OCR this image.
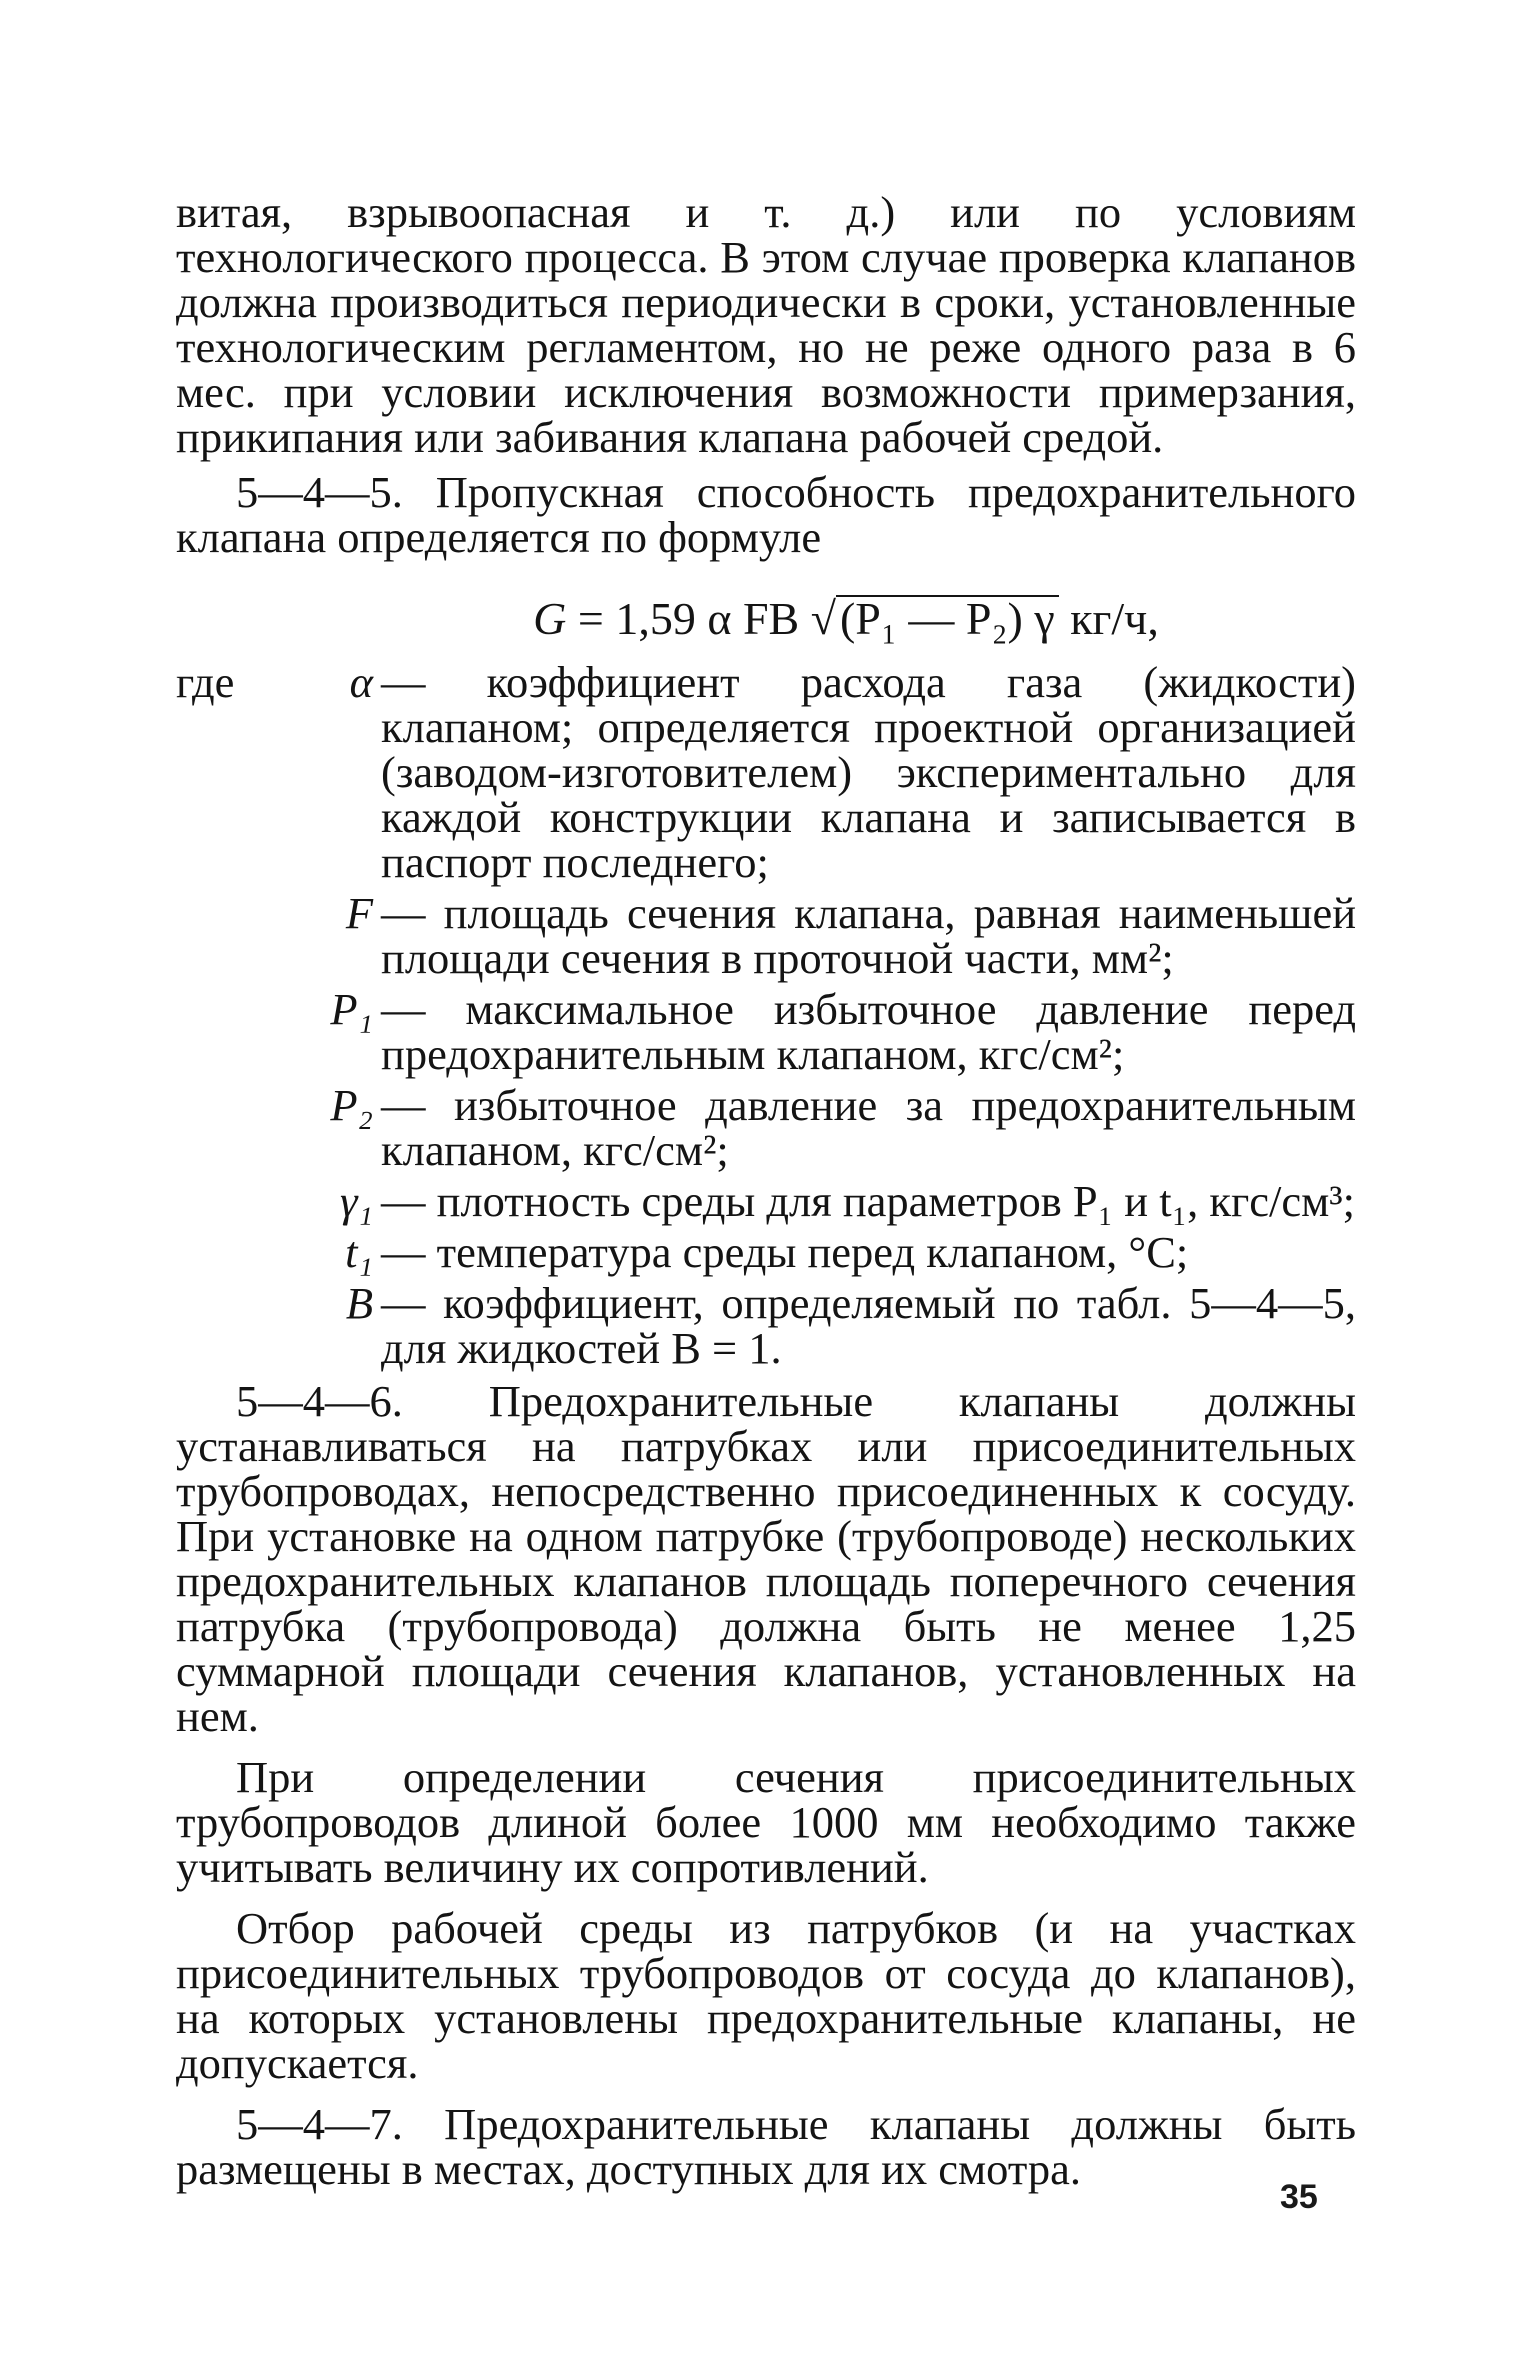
витая, взрывоопасная и т. д.) или по условиям технологического процесса. В этом случае проверка клапанов должна производиться периодически в сроки, установленные технологическим регламентом, но не реже одного раза в 6 мес. при условии исключения возможности примерзания, прикипания или забивания клапана рабочей средой.

5—4—5. Пропускная способность предохранительного клапана определяется по формуле

G = 1,59 α FB √(P₁ — P₂) γ кг/ч,
где	α — коэффициент расхода газа (жидкости) клапаном; определяется проектной организацией (заводом-изготовителем) экспериментально для каждой конструкции клапана и записывается в паспорт последнего;
F — площадь сечения клапана, равная наименьшей площади сечения в проточной части, мм²;
P₁ — максимальное избыточное давление перед предохранительным клапаном, кгс/см²;
P₂ — избыточное давление за предохранительным клапаном, кгс/см²;
γ₁ — плотность среды для параметров P₁ и t₁, кгс/см³;
t₁ — температура среды перед клапаном, °C;
B — коэффициент, определяемый по табл. 5—4—5, для жидкостей B = 1.

5—4—6. Предохранительные клапаны должны устанавливаться на патрубках или присоединительных трубопроводах, непосредственно присоединенных к сосуду. При установке на одном патрубке (трубопроводе) нескольких предохранительных клапанов площадь поперечного сечения патрубка (трубопровода) должна быть не менее 1,25 суммарной площади сечения клапанов, установленных на нем.

При определении сечения присоединительных трубопроводов длиной более 1000 мм необходимо также учитывать величину их сопротивлений.

Отбор рабочей среды из патрубков (и на участках присоединительных трубопроводов от сосуда до клапанов), на которых установлены предохранительные клапаны, не допускается.

5—4—7. Предохранительные клапаны должны быть размещены в местах, доступных для их смотра.

35
